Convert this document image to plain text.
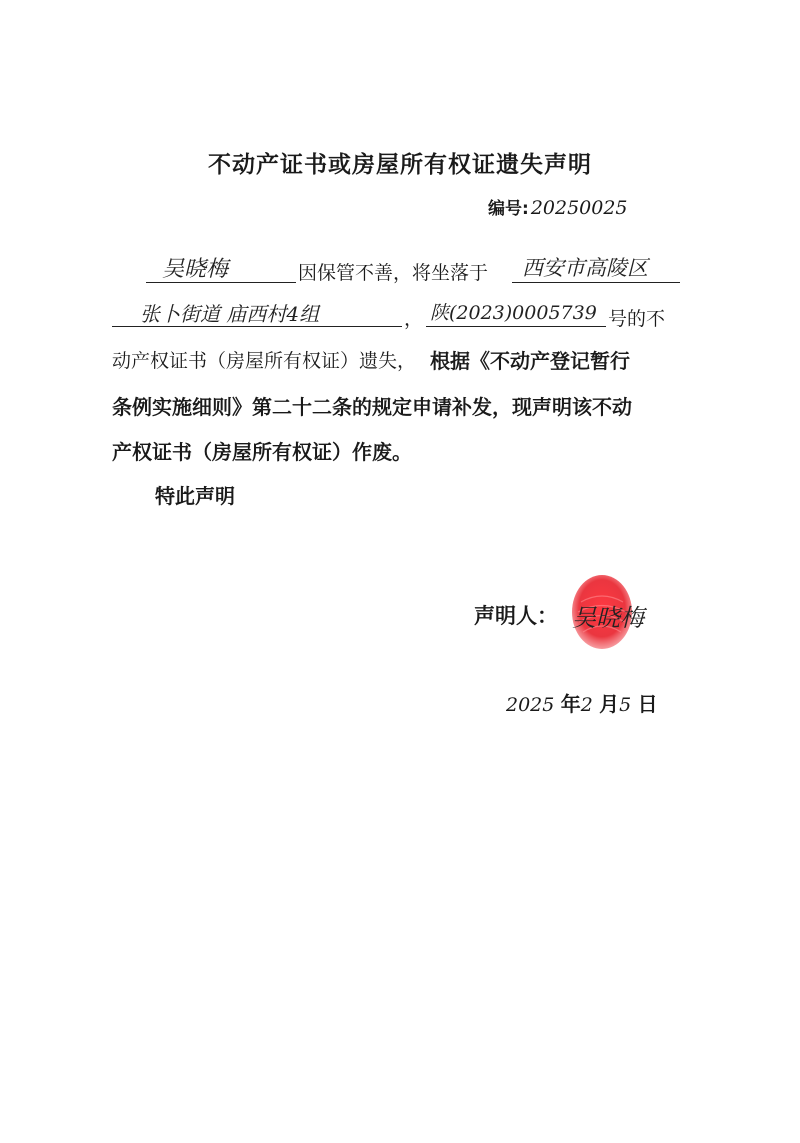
不动产证书或房屋所有权证遗失声明
编号: 20250025
吴晓梅	因保管不善，将坐落于 西安市高陵区
张卜街道 庙西村4组	， 陕(2023)0005739 号的不
动产权证书（房屋所有权证）遗失， 根据《不动产登记暂行
条例实施细则》第二十二条的规定申请补发，现声明该不动
产权证书（房屋所有权证）作废。
特此声明
声明人： 吴晓梅
2025 年2 月5 日
